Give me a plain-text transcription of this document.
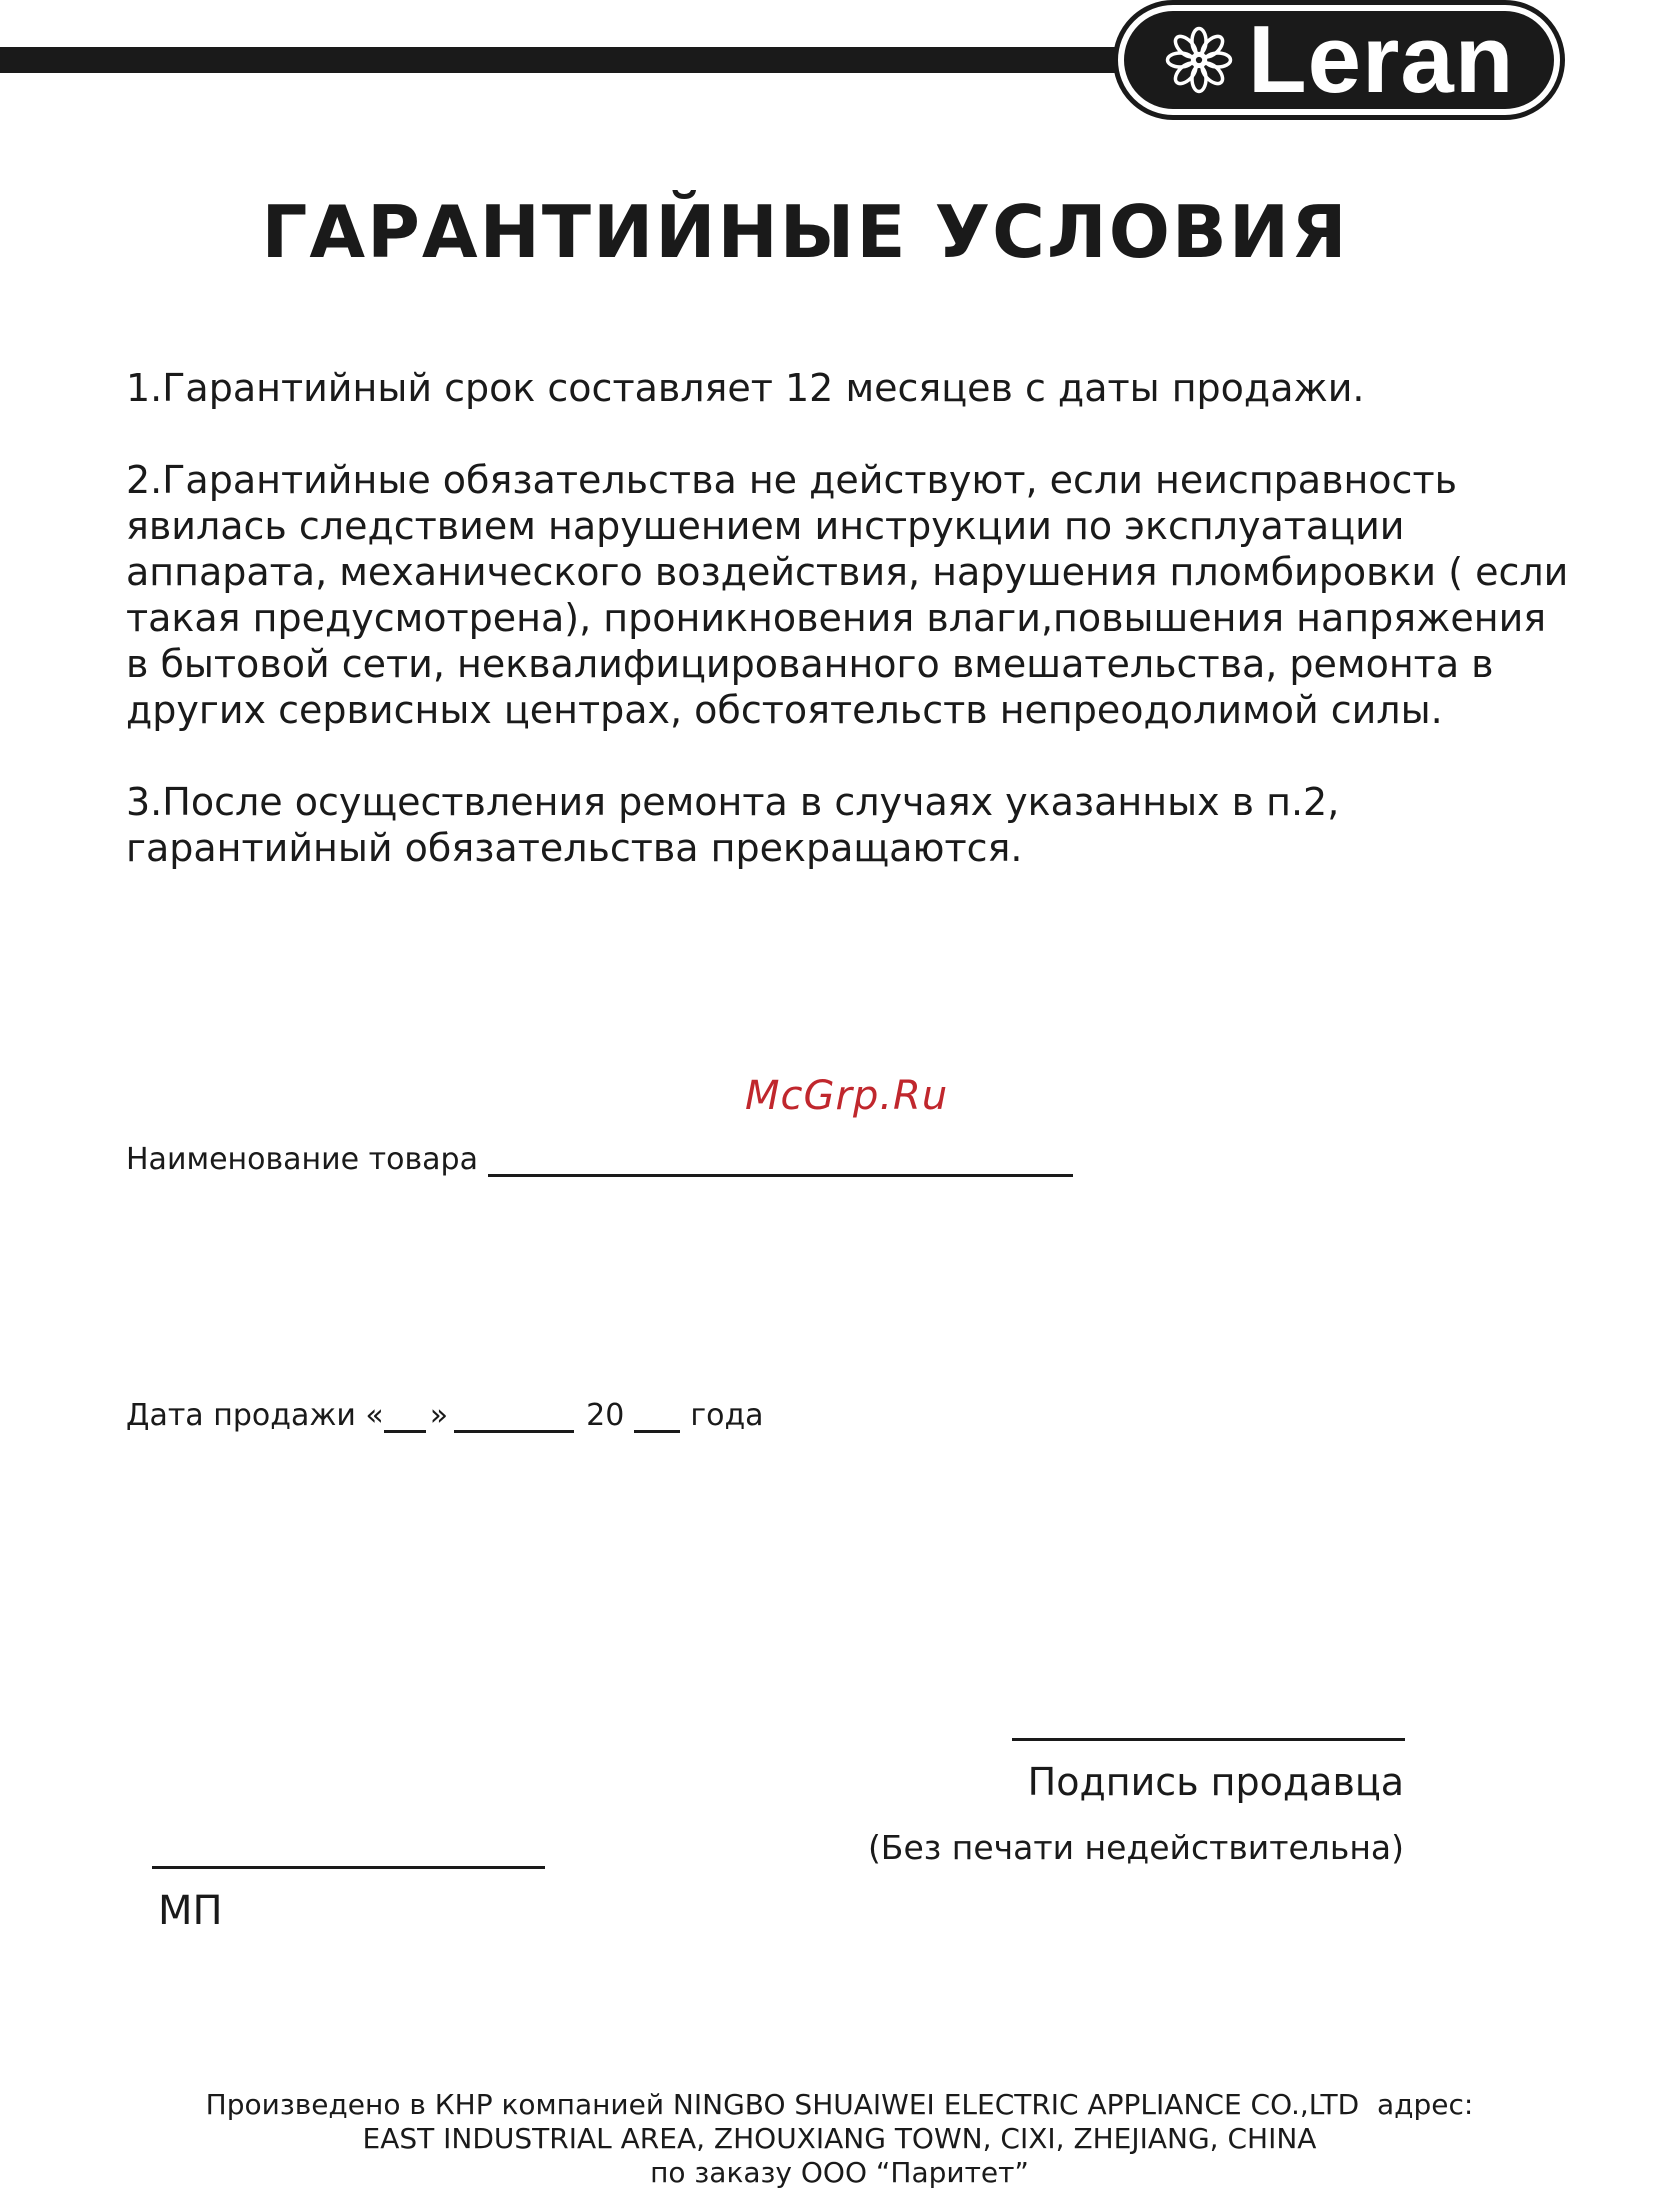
Leran
ГАРАНТИЙНЫЕ УСЛОВИЯ

1.Гарантийный срок составляет 12 месяцев с даты продажи.

2.Гарантийные обязательства не действуют, если неисправность явилась следствием нарушением инструкции по эксплуатации аппарата, механического воздействия, нарушения пломбировки ( если такая предусмотрена), проникновения влаги,повышения напряжения в бытовой сети, неквалифицированного вмешательства, ремонта в других сервисных центрах, обстоятельств непреодолимой силы.

3.После осуществления ремонта в случаях указанных в п.2, гарантийный обязательства прекращаются.

McGrp.Ru
Наименование товара
Дата продажи « »	20 года
Подпись продавца
(Без печати недействительна)
МП
Произведено в КНР компанией NINGBO SHUAIWEI ELECTRIC APPLIANCE CO.,LTD  адрес:
EAST INDUSTRIAL AREA, ZHOUXIANG TOWN, CIXI, ZHEJIANG, CHINA
по заказу ООО “Паритет”
